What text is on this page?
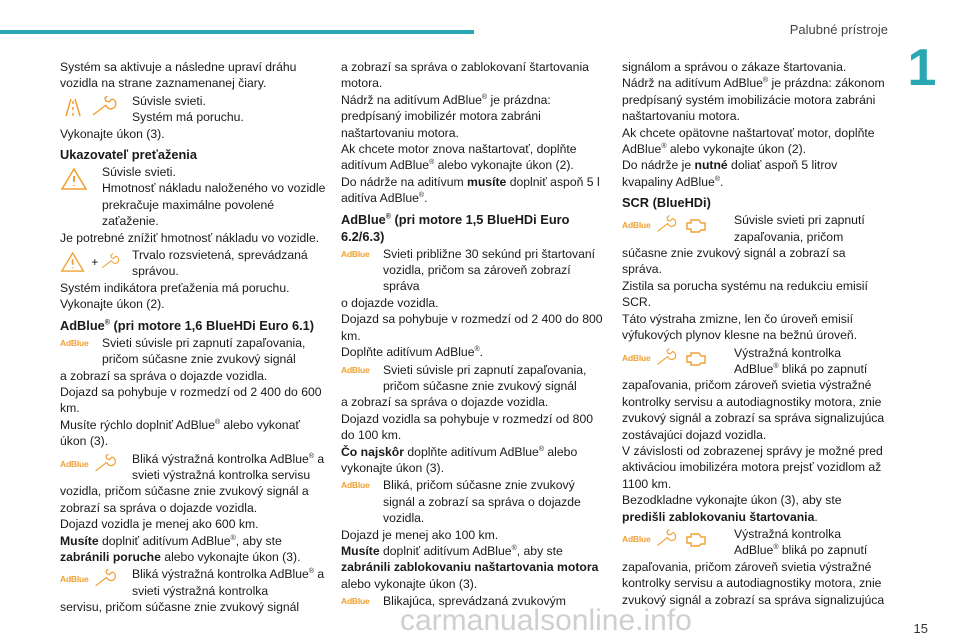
Palubné prístroje
1
15
carmanualsonline.info

Systém sa aktivuje a následne upraví dráhu vozidla na strane zaznamenanej čiary.

Súvisle svieti.
Systém má poruchu.

Vykonajte úkon (3).

Ukazovateľ preťaženia

Súvisle svieti.
Hmotnosť nákladu naloženého vo vozidle prekračuje maximálne povolené zaťaženie.

Je potrebné znížiť hmotnosť nákladu vo vozidle.

+	Trvalo rozsvietená, sprevádzaná správou.

Systém indikátora preťaženia má poruchu.

Vykonajte úkon (2).

AdBlue® (pri motore 1,6 BlueHDi Euro 6.1)

AdBlue Svieti súvisle pri zapnutí zapaľovania, pričom súčasne znie zvukový signál

a zobrazí sa správa o dojazde vozidla.

Dojazd sa pohybuje v rozmedzí od 2 400 do 600 km.

Musíte rýchlo doplniť AdBlue® alebo vykonať úkon (3).

AdBlue	Bliká výstražná kontrolka AdBlue® a svieti výstražná kontrolka servisu

vozidla, pričom súčasne znie zvukový signál a zobrazí sa správa o dojazde vozidla.

Dojazd vozidla je menej ako 600 km.

Musíte doplniť aditívum AdBlue®, aby ste zabránili poruche alebo vykonajte úkon (3).

AdBlue	Bliká výstražná kontrolka AdBlue® a svieti výstražná kontrolka

servisu, pričom súčasne znie zvukový signál

a zobrazí sa správa o zablokovaní štartovania motora.

Nádrž na aditívum AdBlue® je prázdna: predpísaný imobilizér motora zabráni naštartovaniu motora.

Ak chcete motor znova naštartovať, doplňte aditívum AdBlue® alebo vykonajte úkon (2).

Do nádrže na aditívum musíte doplniť aspoň 5 l aditíva AdBlue®.

AdBlue® (pri motore 1,5 BlueHDi Euro 6.2/6.3)

AdBlue Svieti približne 30 sekúnd pri štartovaní vozidla, pričom sa zároveň zobrazí správa

o dojazde vozidla.

Dojazd sa pohybuje v rozmedzí od 2 400 do 800 km.

Doplňte aditívum AdBlue®.

AdBlue Svieti súvisle pri zapnutí zapaľovania, pričom súčasne znie zvukový signál

a zobrazí sa správa o dojazde vozidla.

Dojazd vozidla sa pohybuje v rozmedzí od 800 do 100 km.

Čo najskôr doplňte aditívum AdBlue® alebo vykonajte úkon (3).

AdBlue Bliká, pričom súčasne znie zvukový signál a zobrazí sa správa o dojazde vozidla.

Dojazd je menej ako 100 km.

Musíte doplniť aditívum AdBlue®, aby ste zabránili zablokovaniu naštartovania motora alebo vykonajte úkon (3).

AdBlue Blikajúca, sprevádzaná zvukovým

signálom a správou o zákaze štartovania.

Nádrž na aditívum AdBlue® je prázdna: zákonom predpísaný systém imobilizácie motora zabráni naštartovaniu motora.

Ak chcete opätovne naštartovať motor, doplňte AdBlue® alebo vykonajte úkon (2).

Do nádrže je nutné doliať aspoň 5 litrov kvapaliny AdBlue®.

SCR (BlueHDi)

AdBlue	Súvisle svieti pri zapnutí zapaľovania, pričom

súčasne znie zvukový signál a zobrazí sa správa.

Zistila sa porucha systému na redukciu emisií SCR.

Táto výstraha zmizne, len čo úroveň emisií výfukových plynov klesne na bežnú úroveň.

AdBlue	Výstražná kontrolka AdBlue® bliká po zapnutí

zapaľovania, pričom zároveň svietia výstražné kontrolky servisu a autodiagnostiky motora, znie zvukový signál a zobrazí sa správa signalizujúca zostávajúci dojazd vozidla.

V závislosti od zobrazenej správy je možné pred aktiváciou imobilizéra motora prejsť vozidlom až 1100 km.

Bezodkladne vykonajte úkon (3), aby ste predišli zablokovaniu štartovania.

AdBlue	Výstražná kontrolka AdBlue® bliká po zapnutí

zapaľovania, pričom zároveň svietia výstražné kontrolky servisu a autodiagnostiky motora, znie zvukový signál a zobrazí sa správa signalizujúca
